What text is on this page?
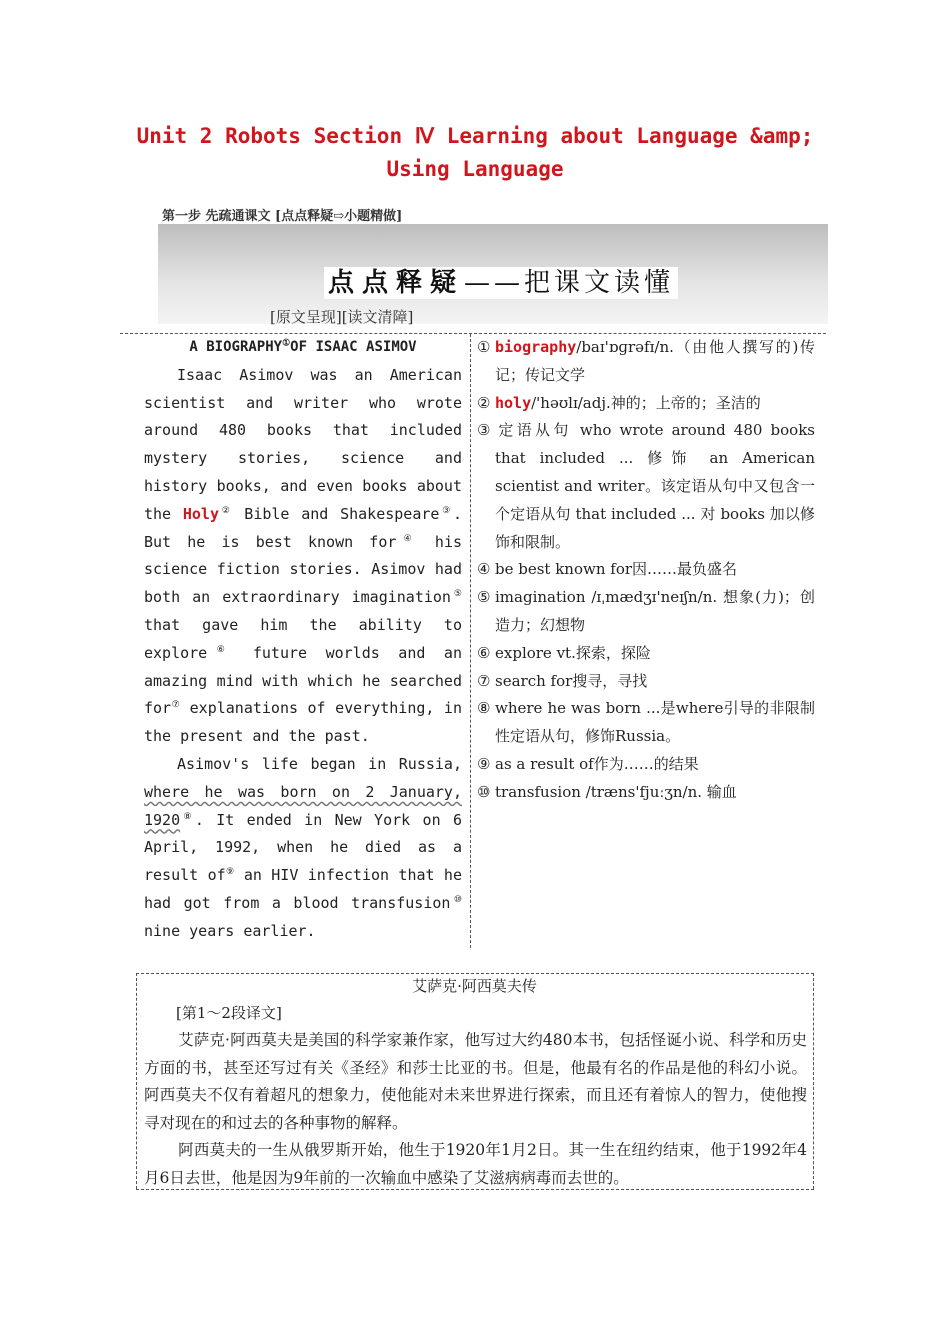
Unit 2 Robots Section Ⅳ Learning about Language &amp;
Using Language
第一步 先疏通课文 [点点释疑⇨小题精做]
点点释疑——把课文读懂
[原文呈现][读文清障]
A BIOGRAPHY①OF ISAAC ASIMOV

Isaac Asimov was an American scientist and writer who wrote around 480 books that included mystery stories, science and history books, and even books about the Holy② Bible and Shakespeare③. But he is best known for④ his science fiction stories. Asimov had both an extraordinary imagination⑤ that gave him the ability to explore⑥ future worlds and an amazing mind with which he searched for⑦ explanations of everything, in the present and the past.

Asimov's life began in Russia, where he was born on 2 January, 1920⑧. It ended in New York on 6 April, 1992, when he died as a result of⑨ an HIV infection that he had got from a blood transfusion⑩ nine years earlier.

① biography/baɪ'ɒɡrəfɪ/n.（由他人撰写的)传记；传记文学
② holy/'həʊlɪ/adj.神的；上帝的；圣洁的
③ 定语从句 who wrote around 480 books that included ... 修饰 an American scientist and writer。该定语从句中又包含一个定语从句 that included ... 对 books 加以修饰和限制。
④ be best known for因……最负盛名
⑤ imagination /ɪˌmædʒɪ'neɪʃn/n. 想象(力)；创造力；幻想物
⑥ explore vt.探索，探险
⑦ search for搜寻，寻找
⑧ where he was born ...是where引导的非限制性定语从句，修饰Russia。
⑨ as a result of作为……的结果
⑩ transfusion /træns'fjuːʒn/n. 输血
艾萨克·阿西莫夫传
[第1～2段译文]

艾萨克·阿西莫夫是美国的科学家兼作家，他写过大约480本书，包括怪诞小说、科学和历史方面的书，甚至还写过有关《圣经》和莎士比亚的书。但是，他最有名的作品是他的科幻小说。阿西莫夫不仅有着超凡的想象力，使他能对未来世界进行探索，而且还有着惊人的智力，使他搜寻对现在的和过去的各种事物的解释。

阿西莫夫的一生从俄罗斯开始，他生于1920年1月2日。其一生在纽约结束，他于1992年4月6日去世，他是因为9年前的一次输血中感染了艾滋病病毒而去世的。
